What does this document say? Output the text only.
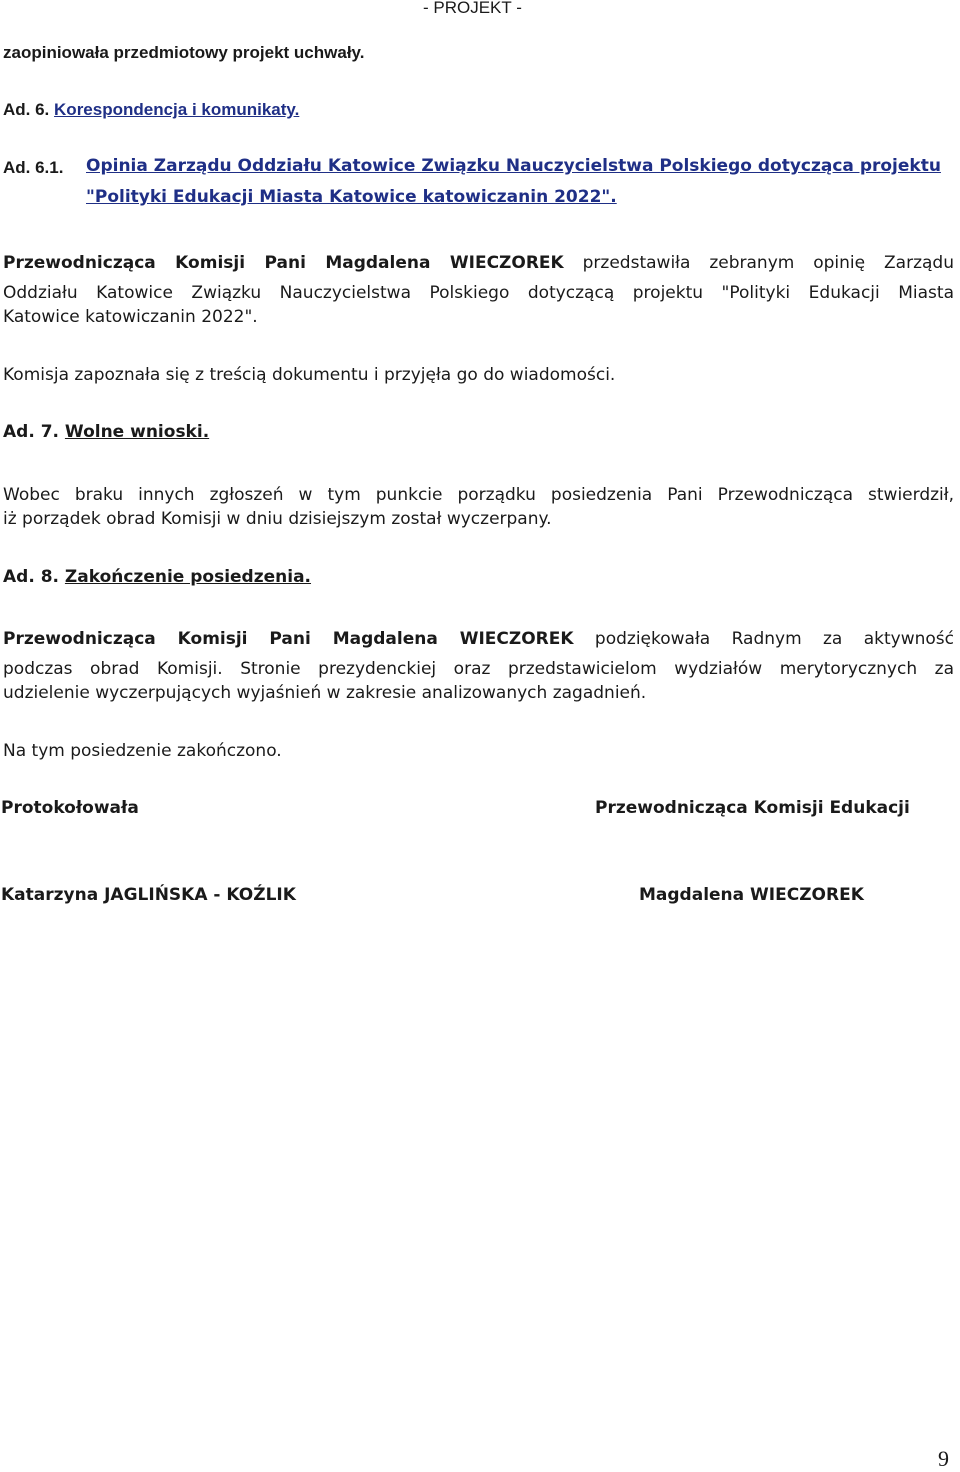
- PROJEKT -
zaopiniowała przedmiotowy projekt uchwały.
Ad. 6. Korespondencja i komunikaty.
Ad. 6.1. Opinia Zarządu Oddziału Katowice Związku Nauczycielstwa Polskiego dotycząca projektu
"Polityki Edukacji Miasta Katowice katowiczanin 2022".
Przewodnicząca Komisji Pani Magdalena WIECZOREK przedstawiła zebranym opinię Zarządu
Oddziału Katowice Związku Nauczycielstwa Polskiego dotyczącą projektu "Polityki Edukacji Miasta
Katowice katowiczanin 2022".
Komisja zapoznała się z treścią dokumentu i przyjęła go do wiadomości.
Ad. 7. Wolne wnioski.
Wobec braku innych zgłoszeń w tym punkcie porządku posiedzenia Pani Przewodnicząca stwierdził,
iż porządek obrad Komisji w dniu dzisiejszym został wyczerpany.
Ad. 8. Zakończenie posiedzenia.
Przewodnicząca Komisji Pani Magdalena WIECZOREK podziękowała Radnym za aktywność
podczas obrad Komisji. Stronie prezydenckiej oraz przedstawicielom wydziałów merytorycznych za
udzielenie wyczerpujących wyjaśnień w zakresie analizowanych zagadnień.
Na tym posiedzenie zakończono.
Protokołowała	Przewodnicząca Komisji Edukacji
Katarzyna JAGLIŃSKA - KOŹLIK	Magdalena WIECZOREK
9
